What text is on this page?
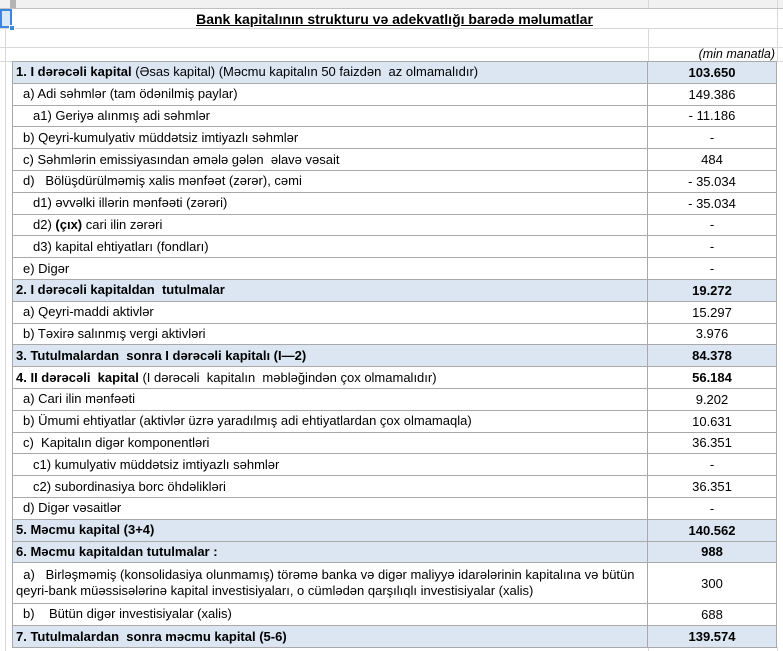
Bank kapitalının strukturu və adekvatlığı barədə məlumatlar
(min manatla)
1. I dərəcəli kapital (Əsas kapital) (Məcmu kapitalın 50 faizdən  az olmamalıdır)	103.650
a) Adi səhmlər (tam ödənilmiş paylar)	149.386
a1) Geriyə alınmış adi səhmlər	- 11.186
b) Qeyri-kumulyativ müddətsiz imtiyazlı səhmlər	-
c) Səhmlərin emissiyasından əmələ gələn  əlavə vəsait	484
d)   Bölüşdürülməmiş xalis mənfəət (zərər), cəmi	- 35.034
d1) əvvəlki illərin mənfəəti (zərəri)	- 35.034
d2) (çıx) cari ilin zərəri	-
d3) kapital ehtiyatları (fondları)	-
e) Digər	-
2. I dərəcəli kapitaldan  tutulmalar	19.272
a) Qeyri-maddi aktivlər	15.297
b) Təxirə salınmış vergi aktivləri	3.976
3. Tutulmalardan  sonra I dərəcəli kapitalı (I—2)	84.378
4. II dərəcəli  kapital (I dərəcəli  kapitalın  məbləğindən çox olmamalıdır)	56.184
a) Cari ilin mənfəəti	9.202
b) Ümumi ehtiyatlar (aktivlər üzrə yaradılmış adi ehtiyatlardan çox olmamaqla)	10.631
c)  Kapitalın digər komponentləri	36.351
c1) kumulyativ müddətsiz imtiyazlı səhmlər	-
c2) subordinasiya borc öhdəlikləri	36.351
d) Digər vəsaitlər	-
5. Məcmu kapital (3+4)	140.562
6. Məcmu kapitaldan tutulmalar :	988
a)   Birləşməmiş (konsolidasiya olunmamış) törəmə banka və digər maliyyə idarələrinin kapitalına və bütün qeyri-bank müəssisələrinə kapital investisiyaları, o cümlədən qarşılıqlı investisiyalar (xalis)	300
b)    Bütün digər investisiyalar (xalis)	688
7. Tutulmalardan  sonra məcmu kapital (5-6)	139.574
